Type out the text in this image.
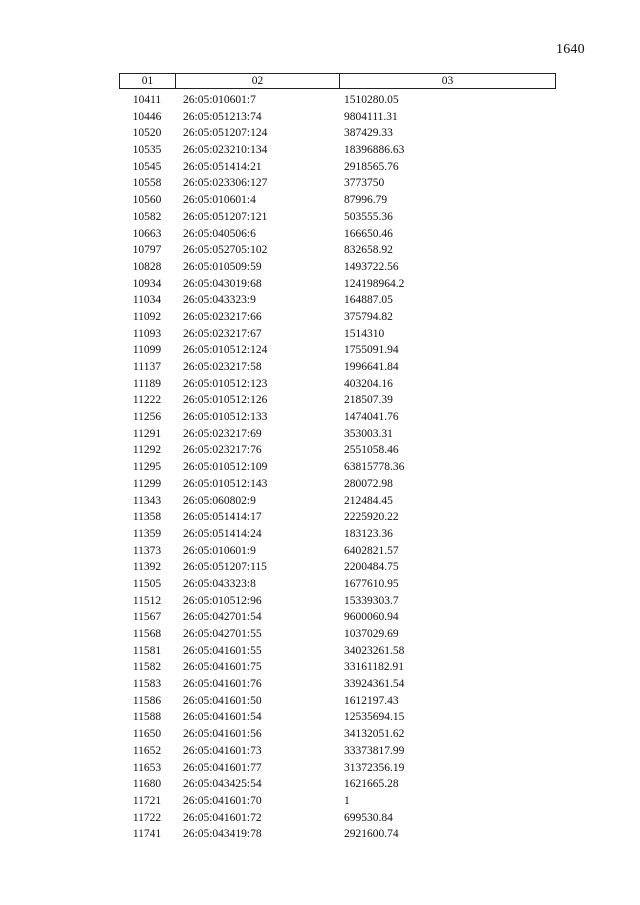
1640
01	02	03
10411	26:05:010601:7	1510280.05
10446	26:05:051213:74	9804111.31
10520	26:05:051207:124	387429.33
10535	26:05:023210:134	18396886.63
10545	26:05:051414:21	2918565.76
10558	26:05:023306:127	3773750
10560	26:05:010601:4	87996.79
10582	26:05:051207:121	503555.36
10663	26:05:040506:6	166650.46
10797	26:05:052705:102	832658.92
10828	26:05:010509:59	1493722.56
10934	26:05:043019:68	124198964.2
11034	26:05:043323:9	164887.05
11092	26:05:023217:66	375794.82
11093	26:05:023217:67	1514310
11099	26:05:010512:124	1755091.94
11137	26:05:023217:58	1996641.84
11189	26:05:010512:123	403204.16
11222	26:05:010512:126	218507.39
11256	26:05:010512:133	1474041.76
11291	26:05:023217:69	353003.31
11292	26:05:023217:76	2551058.46
11295	26:05:010512:109	63815778.36
11299	26:05:010512:143	280072.98
11343	26:05:060802:9	212484.45
11358	26:05:051414:17	2225920.22
11359	26:05:051414:24	183123.36
11373	26:05:010601:9	6402821.57
11392	26:05:051207:115	2200484.75
11505	26:05:043323:8	1677610.95
11512	26:05:010512:96	15339303.7
11567	26:05:042701:54	9600060.94
11568	26:05:042701:55	1037029.69
11581	26:05:041601:55	34023261.58
11582	26:05:041601:75	33161182.91
11583	26:05:041601:76	33924361.54
11586	26:05:041601:50	1612197.43
11588	26:05:041601:54	12535694.15
11650	26:05:041601:56	34132051.62
11652	26:05:041601:73	33373817.99
11653	26:05:041601:77	31372356.19
11680	26:05:043425:54	1621665.28
11721	26:05:041601:70	1
11722	26:05:041601:72	699530.84
11741	26:05:043419:78	2921600.74
